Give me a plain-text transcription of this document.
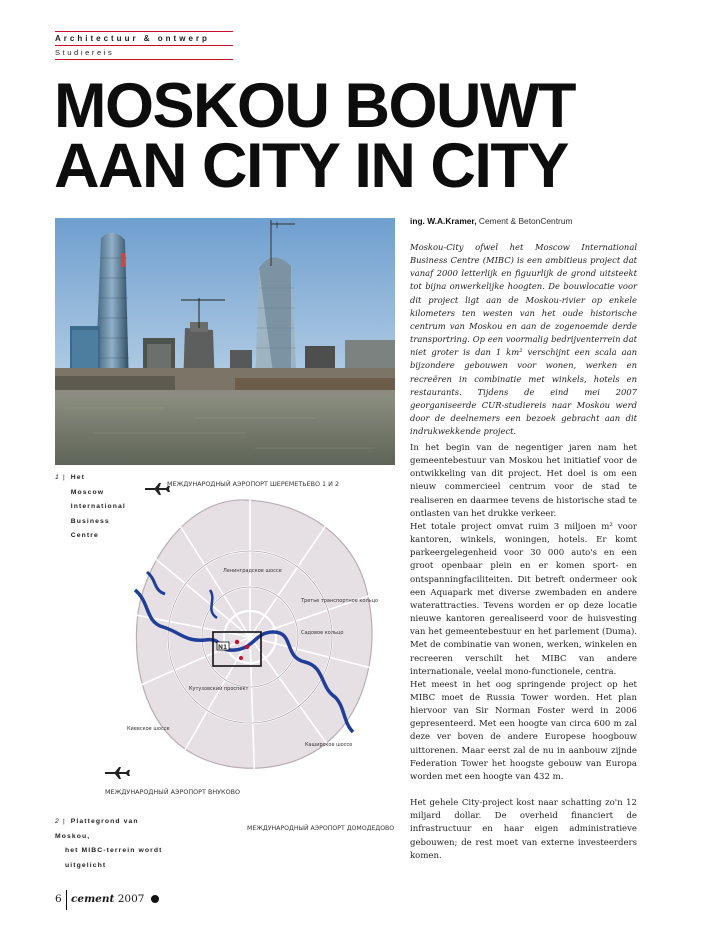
Architectuur & ontwerp
Studiereis
MOSKOU BOUWT
AAN CITY IN CITY
1 | Het Moscow International Business Centre
2 | Plattegrond van Moskou,
het MIBC-terrein wordt uitgelicht
N1
МЕЖДУНАРОДНЫЙ АЭРОПОРТ ШЕРЕМЕТЬЕВО 1 И 2
МЕЖДУНАРОДНЫЙ АЭРОПОРТ ВНУКОВО
МЕЖДУНАРОДНЫЙ АЭРОПОРТ ДОМОДЕДОВО
Ленинградское шоссе
Третье транспортное кольцо
Садовое кольцо
Кутузовский проспект
Киевское шоссе
Каширское шоссе
ing. W.A.Kramer, Cement & BetonCentrum
Moskou-City ofwel het Moscow International Business Centre (MIBC) is een ambitieus project dat vanaf 2000 letterlijk en figuurlijk de grond uitsteekt tot bijna onwerkelijke hoogten. De bouwlocatie voor dit project ligt aan de Moskou-rivier op enkele kilometers ten westen van het oude historische centrum van Moskou en aan de zogenoemde derde transportring. Op een voormalig bedrijventerrein dat niet groter is dan 1 km² verschijnt een scala aan bijzondere gebouwen voor wonen, werken en recreëren in combinatie met winkels, hotels en restaurants. Tijdens de eind mei 2007 georganiseerde CUR-studiereis naar Moskou werd door de deelnemers een bezoek gebracht aan dit indrukwekkende project.

In het begin van de negentiger jaren nam het gemeentebestuur van Moskou het initiatief voor de ontwikkeling van dit project. Het doel is om een nieuw commercieel centrum voor de stad te realiseren en daarmee tevens de historische stad te ontlasten van het drukke verkeer.

Het totale project omvat ruim 3 miljoen m² voor kantoren, winkels, woningen, hotels. Er komt parkeergelegenheid voor 30 000 auto's en een groot openbaar plein en er komen sport- en ontspanningfaciliteiten. Dit betreft ondermeer ook een Aquapark met diverse zwembaden en andere waterattracties. Tevens worden er op deze locatie nieuwe kantoren gerealiseerd voor de huisvesting van het gemeentebestuur en het parlement (Duma). Met de combinatie van wonen, werken, winkelen en recreeren verschilt het MIBC van andere internationale, veelal mono-functionele, centra.

Het meest in het oog springende project op het MIBC moet de Russia Tower worden. Het plan hiervoor van Sir Norman Foster werd in 2006 gepresenteerd. Met een hoogte van circa 600 m zal deze ver boven de andere Europese hoogbouw uittorenen. Maar eerst zal de nu in aanbouw zijnde Federation Tower het hoogste gebouw van Europa worden met een hoogte van 432 m.

Het gehele City-project kost naar schatting zo'n 12 miljard dollar. De overheid financiert de infrastructuur en haar eigen administratieve gebouwen; de rest moet van externe investeerders komen.

6 cement 2007
